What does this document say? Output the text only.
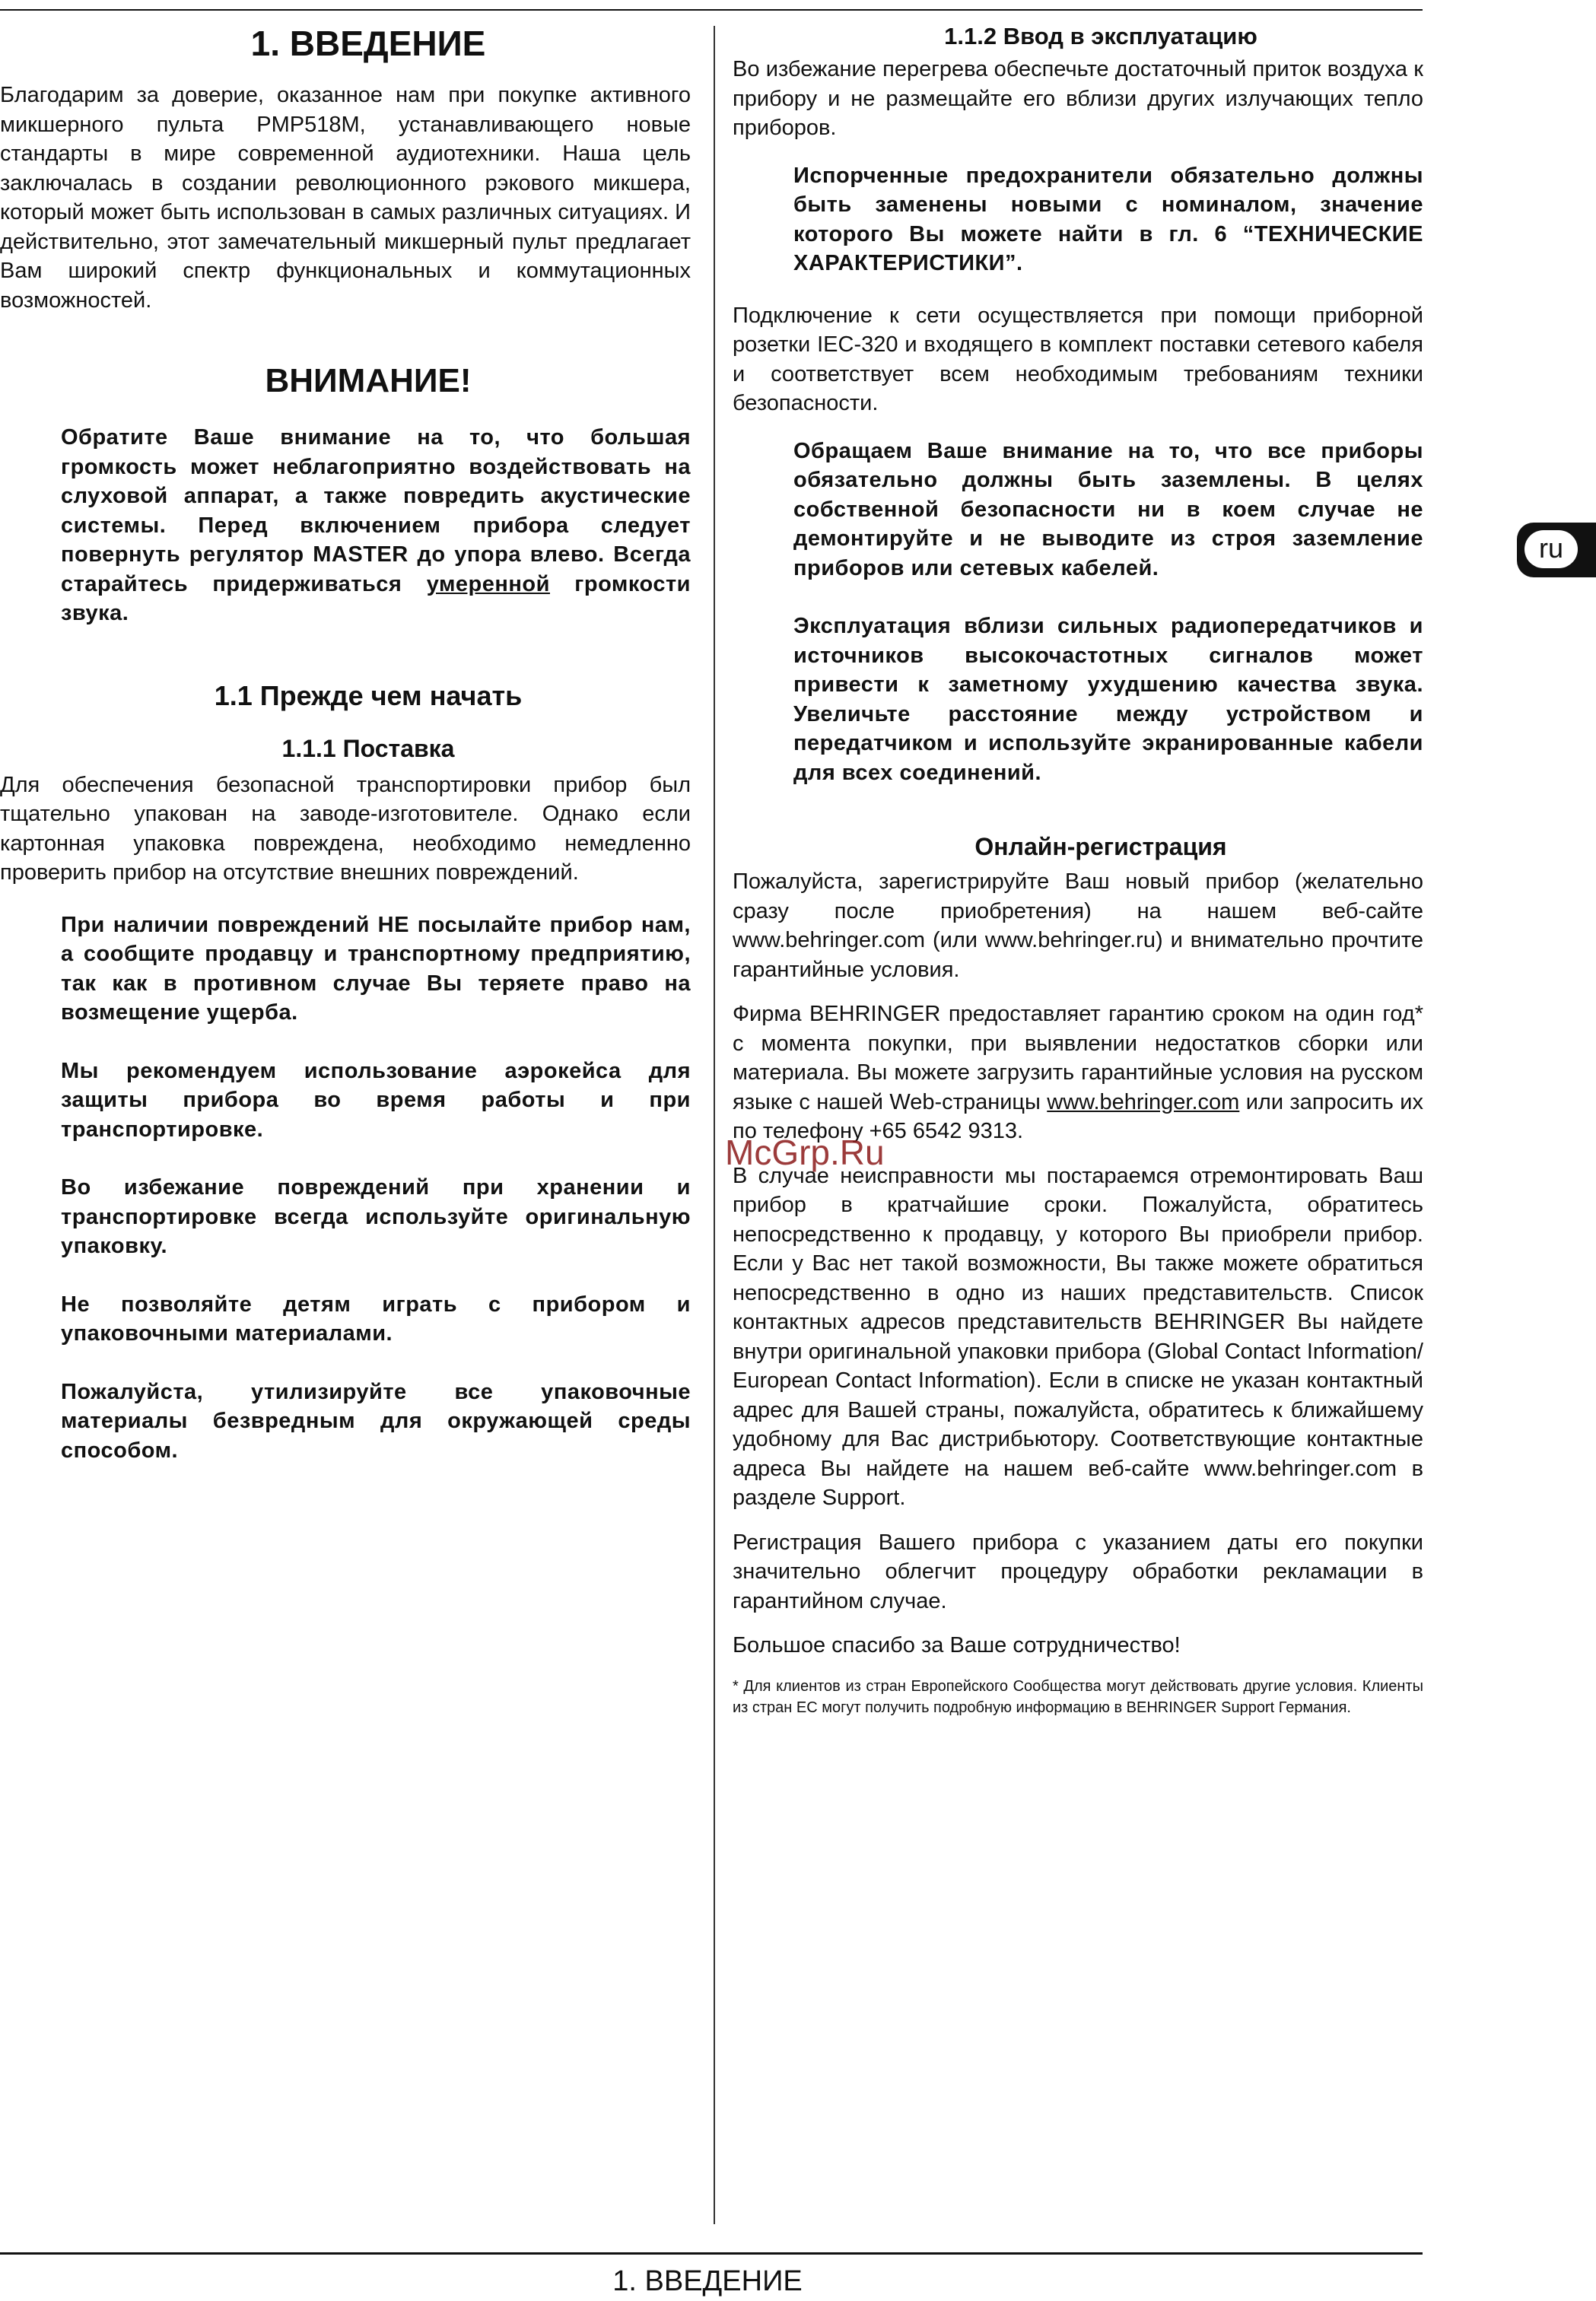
1. ВВЕДЕНИЕ

Благодарим за доверие, оказанное нам при покупке активного микшерного пульта PMP518M, устанавливающего новые стандарты в мире современной аудиотехники. Наша цель заключалась в создании революционного рэкового микшера, который может быть использован в самых различных ситуациях. И действительно, этот замечательный микшерный пульт предлагает Вам широкий спектр функциональных и коммутационных возможностей.

ВНИМАНИЕ!

Обратите Ваше внимание на то, что большая громкость может неблагоприятно воздействовать на слуховой аппарат, а также повредить акустические системы. Перед включением прибора следует повернуть регулятор MASTER до упора влево. Всегда старайтесь придерживаться умеренной громкости звука.

1.1 Прежде чем начать
1.1.1 Поставка

Для обеспечения безопасной транспортировки прибор был тщательно упакован на заводе-изготовителе. Однако если картонная упаковка повреждена, необходимо немедленно проверить прибор на отсутствие внешних повреждений.

При наличии повреждений НЕ посылайте прибор нам, а сообщите продавцу и транспортному предприятию, так как в противном случае Вы теряете право на возмещение ущерба.

Мы рекомендуем использование аэрокейса для защиты прибора во время работы и при транспортировке.

Во избежание повреждений при хранении и транспортировке всегда используйте оригинальную упаковку.

Не позволяйте детям играть с прибором и упаковочными материалами.

Пожалуйста, утилизируйте все упаковочные материалы безвредным для окружающей среды способом.

1.1.2 Ввод в эксплуатацию

Во избежание перегрева обеспечьте достаточный приток воздуха к прибору и не размещайте его вблизи других излучающих тепло приборов.

Испорченные предохранители обязательно должны быть заменены новыми с номиналом, значение которого Вы можете найти в гл. 6 “ТЕХНИЧЕСКИЕ ХАРАКТЕРИСТИКИ”.

Подключение к сети осуществляется при помощи приборной розетки IEC-320 и входящего в комплект поставки сетевого кабеля и соответствует всем необходимым требованиям техники безопасности.

Обращаем Ваше внимание на то, что все приборы обязательно должны быть заземлены. В целях собственной безопасности ни в коем случае не демонтируйте и не выводите из строя заземление приборов или сетевых кабелей.

Эксплуатация вблизи сильных радиопередатчиков и источников высокочастотных сигналов может привести к заметному ухудшению качества звука. Увеличьте расстояние между устройством и передатчиком и используйте экранированные кабели для всех соединений.

Онлайн-регистрация

Пожалуйста, зарегистрируйте Ваш новый прибор (желательно сразу после приобретения) на нашем веб-сайте www.behringer.com (или www.behringer.ru) и внимательно прочтите гарантийные условия.

Фирма BEHRINGER предоставляет гарантию сроком на один год* с момента покупки, при выявлении недостатков сборки или материала. Вы можете загрузить гарантийные условия на русском языке с нашей Web-страницы www.behringer.com или запросить их по телефону +65 6542 9313.

В случае неисправности мы постараемся отремонтировать Ваш прибор в кратчайшие сроки. Пожалуйста, обратитесь непосредственно к продавцу, у которого Вы приобрели прибор. Если у Вас нет такой возможности, Вы также можете обратиться непосредственно в одно из наших представительств. Список контактных адресов представительств BEHRINGER Вы найдете внутри оригинальной упаковки прибора (Global Contact Information/ European Contact Information). Если в списке не указан контактный адрес для Вашей страны, пожалуйста, обратитесь к ближайшему удобному для Вас дистрибьютору. Соответствующие контактные адреса Вы найдете на нашем веб-сайте www.behringer.com в разделе Support.

Регистрация Вашего прибора с указанием даты его покупки значительно облегчит процедуру обработки рекламации в гарантийном случае.

Большое спасибо за Ваше сотрудничество!

* Для клиентов из стран Европейского Сообщества могут действовать другие условия. Клиенты из стран ЕС могут получить подробную информацию в BEHRINGER Support Германия.

McGrp.Ru
ru
1. ВВЕДЕНИЕ
